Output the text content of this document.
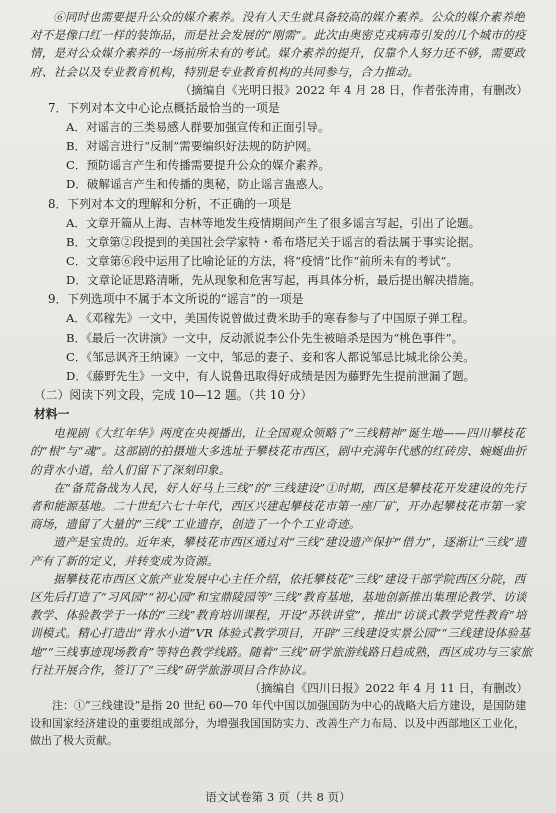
⑥同时也需要提升公众的媒介素养。没有人天生就具备较高的媒介素养。公众的媒介素养绝对不是像口红一样的装饰品，而是社会发展的“刚需”。此次由奥密克戎病毒引发的几个城市的疫情，是对公众媒介素养的一场前所未有的考试。媒介素养的提升，仅靠个人努力还不够，需要政府、社会以及专业教育机构，特别是专业教育机构的共同参与，合力推动。

（摘编自《光明日报》2022 年 4 月 28 日，作者张涛甫，有删改）

7．下列对本文中心论点概括最恰当的一项是

A．对谣言的三类易感人群要加强宣传和正面引导。

B．对谣言进行“反制”需要编织好法规的防护网。

C．预防谣言产生和传播需要提升公众的媒介素养。

D．破解谣言产生和传播的奥秘，防止谣言蛊惑人。

8．下列对本文的理解和分析，不正确的一项是

A．文章开篇从上海、吉林等地发生疫情期间产生了很多谣言写起，引出了论题。

B．文章第②段提到的美国社会学家特・希布塔尼关于谣言的看法属于事实论据。

C．文章第⑥段中运用了比喻论证的方法，将“疫情”比作“前所未有的考试”。

D．文章论证思路清晰，先从现象和危害写起，再具体分析，最后提出解决措施。

9．下列选项中不属于本文所说的“谣言”的一项是

A．《邓稼先》一文中，美国传说曾做过费米助手的寒春参与了中国原子弹工程。

B．《最后一次讲演》一文中，反动派说李公仆先生被暗杀是因为“桃色事件”。

C．《邹忌讽齐王纳谏》一文中，邹忌的妻子、妾和客人都说邹忌比城北徐公美。

D．《藤野先生》一文中，有人说鲁迅取得好成绩是因为藤野先生提前泄漏了题。

（二）阅读下列文段，完成 10—12 题。（共 10 分）

材料一

电视剧《大红年华》两度在央视播出，让全国观众领略了“三线精神”诞生地——四川攀枝花的“根”与“魂”。这部剧的拍摄地大多选址于攀枝花市西区，剧中充满年代感的红砖房、蜿蜒曲折的背水小道，给人们留下了深刻印象。

在“备荒备战为人民，好人好马上三线”的“三线建设”①时期，西区是攀枝花开发建设的先行者和能源基地。二十世纪六七十年代，西区兴建起攀枝花市第一座厂矿，开办起攀枝花市第一家商场，遗留了大量的“三线”工业遗存，创造了一个个工业奇迹。

遗产是宝贵的。近年来，攀枝花市西区通过对“三线”建设遗产保护“借力”，逐渐让“三线”遗产有了新的定义，并转变成为资源。

据攀枝花市西区文旅产业发展中心主任介绍，依托攀枝花“三线”建设干部学院西区分院，西区先后打造了“习风园”“初心园”和宝鼎陵园等“三线”教育基地，基地创新推出集理论教学、访谈教学、体验教学于一体的“三线”教育培训课程，开设“苏铁讲堂”，推出“访谈式教学党性教育”培训模式。精心打造出“背水小道”VR 体验式教学项目，开辟“三线建设实景公园”“三线建设体验基地”“三线事迹现场教育”等特色教学线路。随着“三线”研学旅游线路日趋成熟，西区成功与三家旅行社开展合作，签订了“三线”研学旅游项目合作协议。

（摘编自《四川日报》2022 年 4 月 11 日，有删改）

注：①“三线建设”是指 20 世纪 60—70 年代中国以加强国防为中心的战略大后方建设，是国防建设和国家经济建设的重要组成部分，为增强我国国防实力、改善生产力布局、以及中西部地区工业化，做出了极大贡献。

语文试卷第 3 页（共 8 页）
